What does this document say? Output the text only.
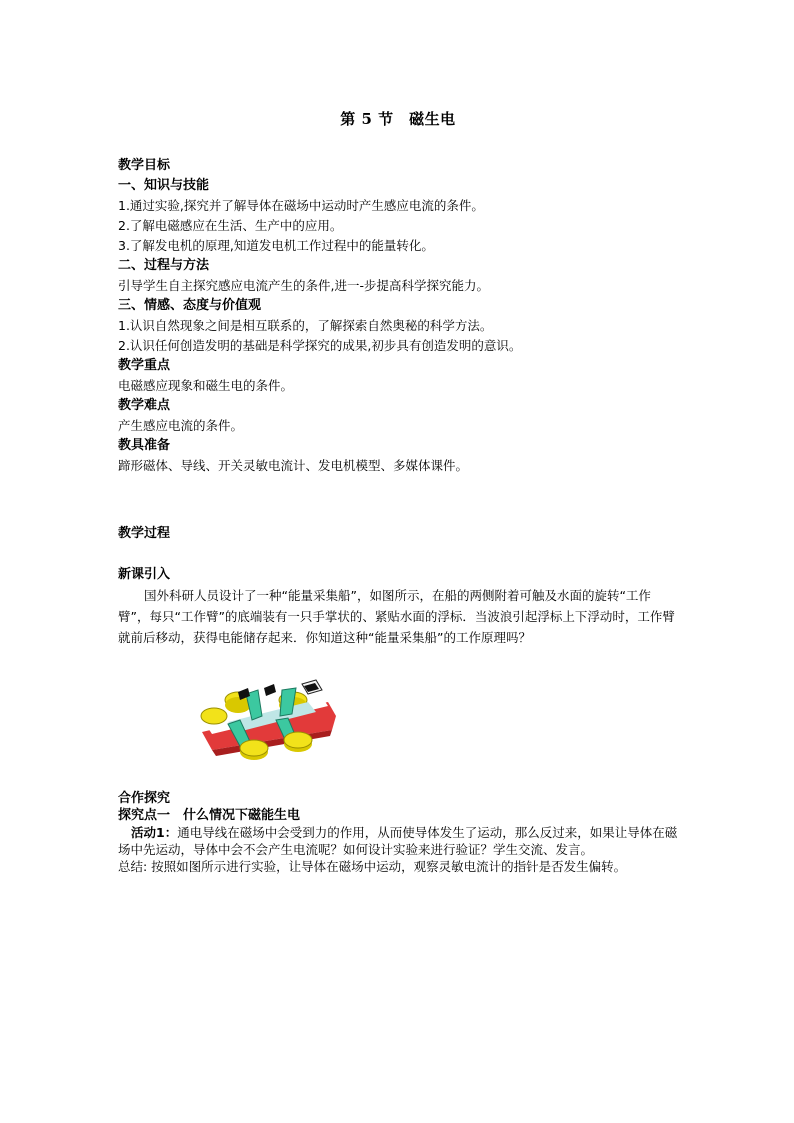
第 5 节　磁生电
教学目标
一、知识与技能
1.通过实验,探究并了解导体在磁场中运动时产生感应电流的条件。
2.了解电磁感应在生活、生产中的应用。
3.了解发电机的原理,知道发电机工作过程中的能量转化。
二、过程与方法
引导学生自主探究感应电流产生的条件,进一-步提高科学探究能力。
三、情感、态度与价值观
1.认识自然现象之间是相互联系的，了解探索自然奥秘的科学方法。
2.认识任何创造发明的基础是科学探究的成果,初步具有创造发明的意识。
教学重点
电磁感应现象和磁生电的条件。
教学难点
产生感应电流的条件。
教具准备
蹄形磁体、导线、开关灵敏电流计、发电机模型、多媒体课件。
教学过程
新课引入
国外科研人员设计了一种“能量采集船”，如图所示，在船的两侧附着可触及水面的旋转“工作臂”，每只“工作臂”的底端装有一只手掌状的、紧贴水面的浮标．当波浪引起浮标上下浮动时，工作臂就前后移动，获得电能储存起来．你知道这种“能量采集船”的工作原理吗？
合作探究
探究点一　什么情况下磁能生电
活动1：通电导线在磁场中会受到力的作用，从而使导体发生了运动，那么反过来，如果让导体在磁场中先运动，导体中会不会产生电流呢？如何设计实验来进行验证？学生交流、发言。
总结: 按照如图所示进行实验，让导体在磁场中运动，观察灵敏电流计的指针是否发生偏转。
